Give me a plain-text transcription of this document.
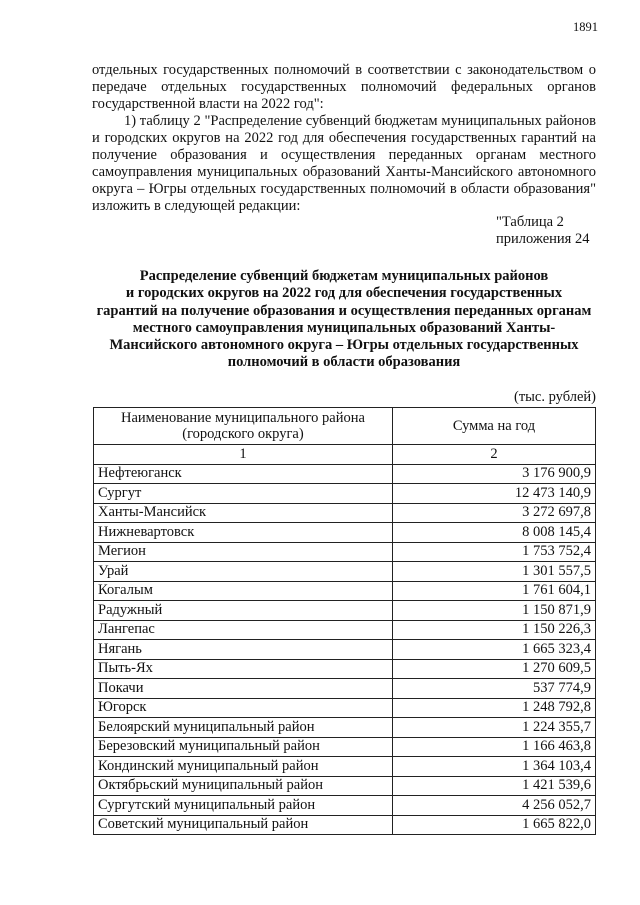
1891

отдельных государственных полномочий в соответствии с законодательством о передаче отдельных государственных полномочий федеральных органов государственной власти на 2022 год":

1) таблицу 2 "Распределение субвенций бюджетам муниципальных районов и городских округов на 2022 год для обеспечения государственных гарантий на получение образования и осуществления переданных органам местного самоуправления муниципальных образований Ханты-Мансийского автономного округа – Югры отдельных государственных полномочий в области образования" изложить в следующей редакции:

"Таблица 2
приложения 24
Распределение субвенций бюджетам муниципальных районов
и городских округов на 2022 год для обеспечения государственных
гарантий на получение образования и осуществления переданных органам
местного самоуправления муниципальных образований Ханты-
Мансийского автономного округа – Югры отдельных государственных
полномочий в области образования
(тыс. рублей)
Наименование муниципального района
(городского округа)	Сумма на год
1	2
Нефтеюганск	3 176 900,9
Сургут	12 473 140,9
Ханты-Мансийск	3 272 697,8
Нижневартовск	8 008 145,4
Мегион	1 753 752,4
Урай	1 301 557,5
Когалым	1 761 604,1
Радужный	1 150 871,9
Лангепас	1 150 226,3
Нягань	1 665 323,4
Пыть-Ях	1 270 609,5
Покачи	537 774,9
Югорск	1 248 792,8
Белоярский муниципальный район	1 224 355,7
Березовский муниципальный район	1 166 463,8
Кондинский муниципальный район	1 364 103,4
Октябрьский муниципальный район	1 421 539,6
Сургутский муниципальный район	4 256 052,7
Советский муниципальный район	1 665 822,0
